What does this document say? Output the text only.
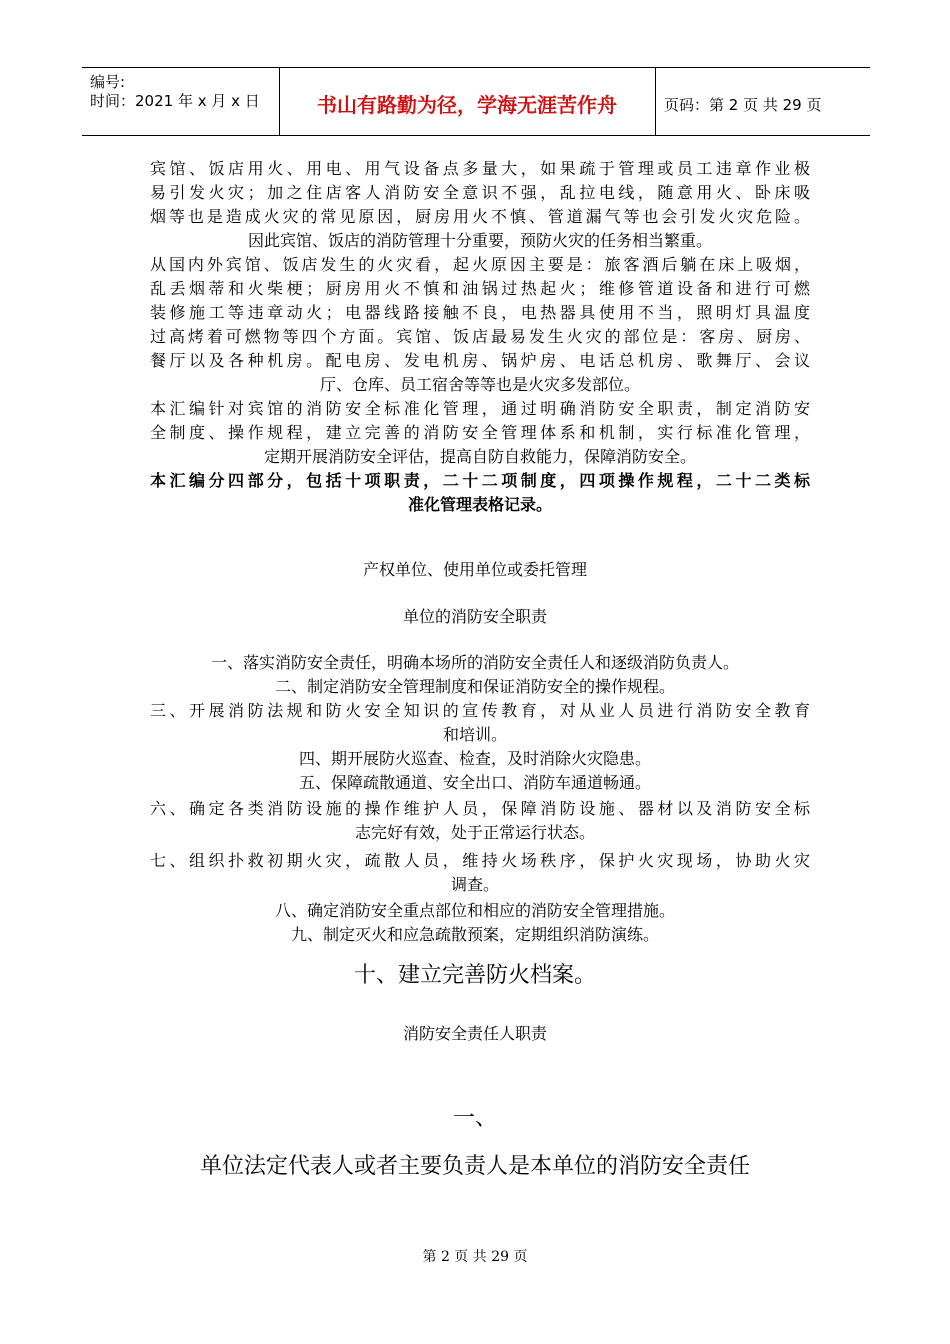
编号:
时间：2021 年 x 月 x 日	书山有路勤为径，学海无涯苦作舟	页码：第 2 页 共 29 页
宾馆、饭店用火、用电、用气设备点多量大，如果疏于管理或员工违章作业极
易引发火灾；加之住店客人消防安全意识不强，乱拉电线，随意用火、卧床吸
烟等也是造成火灾的常见原因，厨房用火不慎、管道漏气等也会引发火灾危险。
因此宾馆、饭店的消防管理十分重要，预防火灾的任务相当繁重。
从国内外宾馆、饭店发生的火灾看，起火原因主要是：旅客酒后躺在床上吸烟，
乱丢烟蒂和火柴梗；厨房用火不慎和油锅过热起火；维修管道设备和进行可燃
装修施工等违章动火；电器线路接触不良，电热器具使用不当，照明灯具温度
过高烤着可燃物等四个方面。宾馆、饭店最易发生火灾的部位是：客房、厨房、
餐厅以及各种机房。配电房、发电机房、锅炉房、电话总机房、歌舞厅、会议
厅、仓库、员工宿舍等等也是火灾多发部位。
本汇编针对宾馆的消防安全标准化管理，通过明确消防安全职责，制定消防安
全制度、操作规程，建立完善的消防安全管理体系和机制，实行标准化管理，
定期开展消防安全评估，提高自防自救能力，保障消防安全。
本汇编分四部分，包括十项职责，二十二项制度，四项操作规程，二十二类标
准化管理表格记录。
产权单位、使用单位或委托管理
单位的消防安全职责
一、落实消防安全责任，明确本场所的消防安全责任人和逐级消防负责人。
二、制定消防安全管理制度和保证消防安全的操作规程。
三、开展消防法规和防火安全知识的宣传教育，对从业人员进行消防安全教育
和培训。
四、期开展防火巡查、检查，及时消除火灾隐患。
五、保障疏散通道、安全出口、消防车通道畅通。
六、确定各类消防设施的操作维护人员，保障消防设施、器材以及消防安全标
志完好有效，处于正常运行状态。
七、组织扑救初期火灾，疏散人员，维持火场秩序，保护火灾现场，协助火灾
调查。
八、确定消防安全重点部位和相应的消防安全管理措施。
九、制定灭火和应急疏散预案，定期组织消防演练。
十、建立完善防火档案。
消防安全责任人职责
一、
单位法定代表人或者主要负责人是本单位的消防安全责任
第 2 页 共 29 页
